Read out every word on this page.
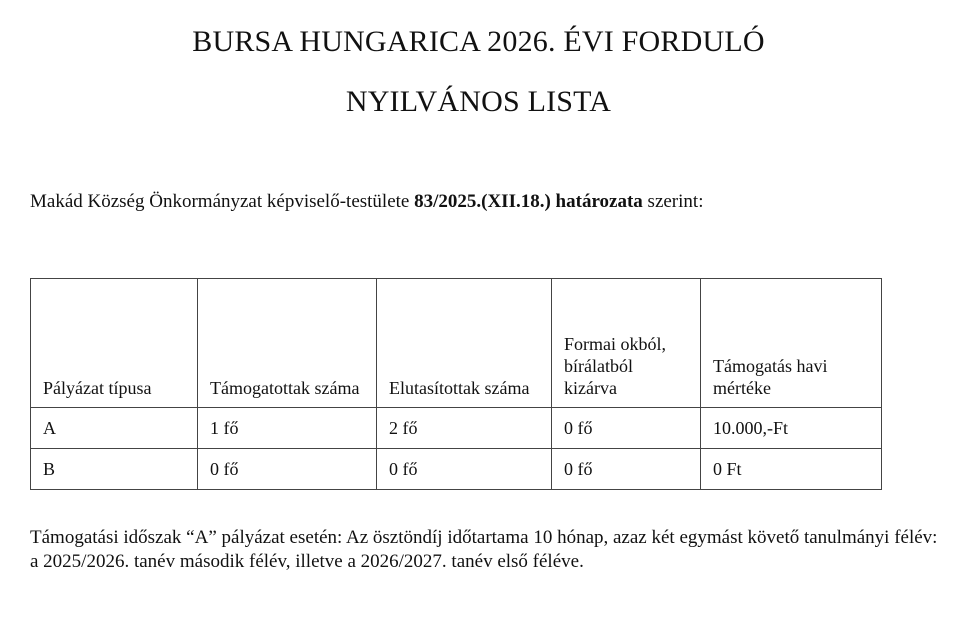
BURSA HUNGARICA 2026. ÉVI FORDULÓ
NYILVÁNOS LISTA
Makád Község Önkormányzat képviselő-testülete 83/2025.(XII.18.) határozata szerint:
Pályázat típusa	Támogatottak száma	Elutasítottak száma	Formai okból, bírálatból kizárva	Támogatás havi mértéke
A	1 fő	2 fő	0 fő	10.000,-Ft
B	0 fő	0 fő	0 fő	0 Ft
Támogatási időszak “A” pályázat esetén: Az ösztöndíj időtartama 10 hónap, azaz két egymást követő tanulmányi félév: a 2025/2026. tanév második félév, illetve a 2026/2027. tanév első féléve.
